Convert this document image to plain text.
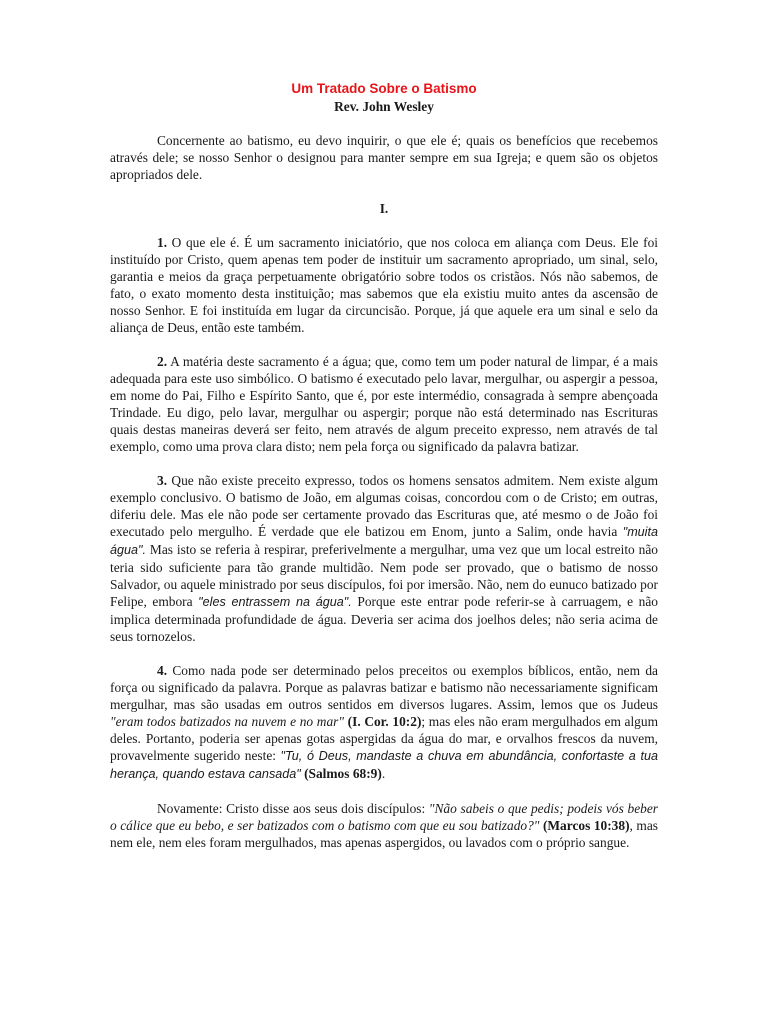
Um Tratado Sobre o Batismo
Rev. John Wesley

Concernente ao batismo, eu devo inquirir, o que ele é; quais os benefícios que recebemos através dele; se nosso Senhor o designou para manter sempre em sua Igreja; e quem são os objetos apropriados dele.

I.

1. O que ele é. É um sacramento iniciatório, que nos coloca em aliança com Deus. Ele foi instituído por Cristo, quem apenas tem poder de instituir um sacramento apropriado, um sinal, selo, garantia e meios da graça perpetuamente obrigatório sobre todos os cristãos. Nós não sabemos, de fato, o exato momento desta instituição; mas sabemos que ela existiu muito antes da ascensão de nosso Senhor. E foi instituída em lugar da circuncisão. Porque, já que aquele era um sinal e selo da aliança de Deus, então este também.

2. A matéria deste sacramento é a água; que, como tem um poder natural de limpar, é a mais adequada para este uso simbólico. O batismo é executado pelo lavar, mergulhar, ou aspergir a pessoa, em nome do Pai, Filho e Espírito Santo, que é, por este intermédio, consagrada à sempre abençoada Trindade. Eu digo, pelo lavar, mergulhar ou aspergir; porque não está determinado nas Escrituras quais destas maneiras deverá ser feito, nem através de algum preceito expresso, nem através de tal exemplo, como uma prova clara disto; nem pela força ou significado da palavra batizar.

3. Que não existe preceito expresso, todos os homens sensatos admitem. Nem existe algum exemplo conclusivo. O batismo de João, em algumas coisas, concordou com o de Cristo; em outras, diferiu dele. Mas ele não pode ser certamente provado das Escrituras que, até mesmo o de João foi executado pelo mergulho. É verdade que ele batizou em Enom, junto a Salim, onde havia "muita água". Mas isto se referia à respirar, preferivelmente a mergulhar, uma vez que um local estreito não teria sido suficiente para tão grande multidão. Nem pode ser provado, que o batismo de nosso Salvador, ou aquele ministrado por seus discípulos, foi por imersão. Não, nem do eunuco batizado por Felipe, embora "eles entrassem na água". Porque este entrar pode referir-se à carruagem, e não implica determinada profundidade de água. Deveria ser acima dos joelhos deles; não seria acima de seus tornozelos.

4. Como nada pode ser determinado pelos preceitos ou exemplos bíblicos, então, nem da força ou significado da palavra. Porque as palavras batizar e batismo não necessariamente significam mergulhar, mas são usadas em outros sentidos em diversos lugares. Assim, lemos que os Judeus "eram todos batizados na nuvem e no mar" (I. Cor. 10:2); mas eles não eram mergulhados em algum deles. Portanto, poderia ser apenas gotas aspergidas da água do mar, e orvalhos frescos da nuvem, provavelmente sugerido neste: "Tu, ó Deus, mandaste a chuva em abundância, confortaste a tua herança, quando estava cansada" (Salmos 68:9).

Novamente: Cristo disse aos seus dois discípulos: "Não sabeis o que pedis; podeis vós beber o cálice que eu bebo, e ser batizados com o batismo com que eu sou batizado?" (Marcos 10:38), mas nem ele, nem eles foram mergulhados, mas apenas aspergidos, ou lavados com o próprio sangue.
